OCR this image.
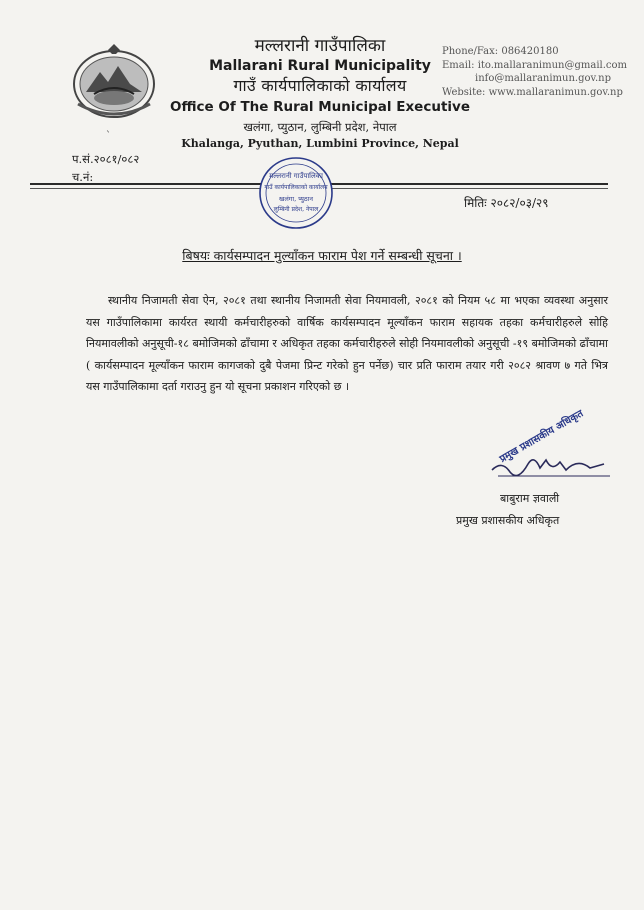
मल्लरानी गाउँपालिका

Mallarani Rural Municipality

गाउँ कार्यपालिकाको कार्यालय

Office Of The Rural Municipal Executive

खलंगा, प्युठान, लुम्बिनी प्रदेश, नेपाल

Khalanga, Pyuthan, Lumbini Province, Nepal

Phone/Fax: 086420180
Email: ito.mallaranimun@gmail.com
info@mallaranimun.gov.np
Website: www.mallaranimun.gov.np
`
प.सं.२०८१/०८२
च.नं:	मल्लरानी गाउँपालिका
गाउँ कार्यपालिकाको कार्यालय
खलंगा, प्युठान
लुम्बिनी प्रदेश, नेपाल	मितिः २०८२/०३/२९
बिषयः कार्यसम्पादन मुल्यॉंकन फाराम पेश गर्ने सम्बन्धी सूचना ।

स्थानीय निजामती सेवा ऐन, २०८१ तथा स्थानीय निजामती सेवा नियमावली, २०८१ को नियम ५८ मा भएका व्यवस्था अनुसार यस गाउँपालिकामा कार्यरत स्थायी कर्मचारीहरुको वार्षिक कार्यसम्पादन मूल्यॉंकन फाराम सहायक तहका कर्मचारीहरुले सोहि नियमावलीको अनुसूची-१८ बमोजिमको ढाँचामा र अधिकृत तहका कर्मचारीहरुले सोही नियमावलीको अनुसूची -१९ बमोजिमको ढाँचामा ( कार्यसम्पादन मूल्यॉंकन फाराम कागजको दुबै पेजमा प्रिन्ट गरेको हुन पर्नेछ) चार प्रति फाराम तयार गरी २०८२ श्रावण ७ गते भित्र यस गाउँपालिकामा दर्ता गराउनु हुन यो सूचना प्रकाशन गरिएको छ ।

प्रमुख प्रशासकीय अधिकृत
बाबुराम ज्ञवाली
प्रमुख प्रशासकीय अधिकृत
